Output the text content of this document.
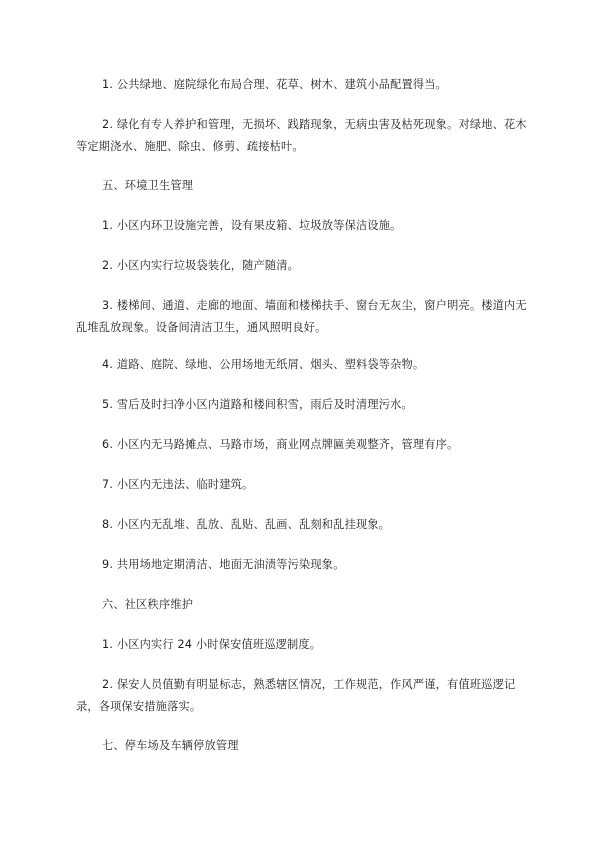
1. 公共绿地、庭院绿化布局合理、花草、树木、建筑小品配置得当。

2. 绿化有专人养护和管理，无损坏、践踏现象，无病虫害及枯死现象。对绿地、花木等定期浇水、施肥、除虫、修剪、疏接枯叶。

五、环境卫生管理

1. 小区内环卫设施完善，设有果皮箱、垃圾放等保洁设施。

2. 小区内实行垃圾袋装化，随产随清。

3. 楼梯间、通道、走廊的地面、墙面和楼梯扶手、窗台无灰尘，窗户明亮。楼道内无乱堆乱放现象。设备间清洁卫生，通风照明良好。

4. 道路、庭院、绿地、公用场地无纸屑、烟头、塑料袋等杂物。

5. 雪后及时扫净小区内道路和楼间积雪，雨后及时清理污水。

6. 小区内无马路摊点、马路市场，商业网点牌匾美观整齐，管理有序。

7. 小区内无违法、临时建筑。

8. 小区内无乱堆、乱放、乱贴、乱画、乱刻和乱挂现象。

9. 共用场地定期清洁、地面无油渍等污染现象。

六、社区秩序维护

1. 小区内实行 24 小时保安值班巡逻制度。

2. 保安人员值勤有明显标志，熟悉辖区情况，工作规范，作风严谨，有值班巡逻记录，各项保安措施落实。

七、停车场及车辆停放管理
